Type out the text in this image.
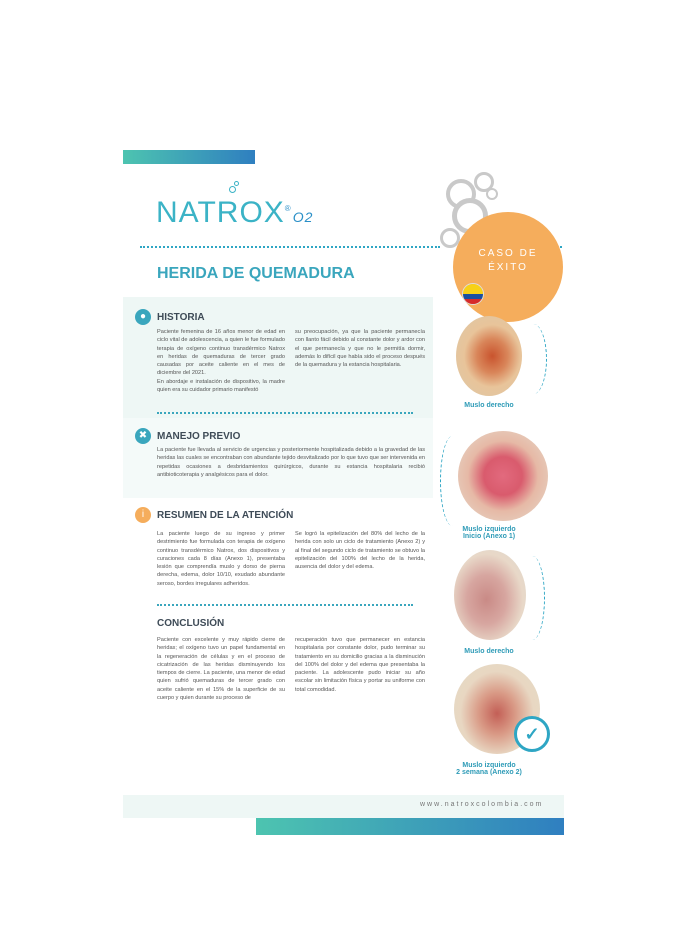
NATROX®O2
CASO DE
ÉXITO
HERIDA DE QUEMADURA
●	HISTORIA
Paciente femenina de 16 años menor de edad en ciclo vital de adolescencia, a quien le fue formulado terapia de oxígeno continuo transdérmico Natrox en heridas de quemaduras de tercer grado causadas por aceite caliente en el mes de diciembre del 2021.
En abordaje e instalación de dispositivo, la madre quien era su cuidador primario manifestó
su preocupación, ya que la paciente permanecía con llanto fácil debido al constante dolor y ardor con el que permanecía y que no le permitía dormir, además lo difícil que había sido el proceso después de la quemadura y la estancia hospitalaria.
✖ MANEJO PREVIO
La paciente fue llevada al servicio de urgencias y posteriormente hospitalizada debido a la gravedad de las heridas las cuales se encontraban con abundante tejido desvitalizado por lo que tuvo que ser intervenida en repetidas ocasiones a desbridamientos quirúrgicos, durante su estancia hospitalaria recibió antibioticoterapia y analgésicos para el dolor.
i	RESUMEN DE LA ATENCIÓN
La paciente luego de su ingreso y primer destrimiento fue formulada con terapia de oxígeno continuo transdérmico Natrox, dos dispositivos y curaciones cada 8 días (Anexo 1), presentaba lesión que comprendía muslo y dorso de pierna derecha, edema, dolor 10/10, exudado abundante seroso, bordes irregulares adheridos.
Se logró la epitelización del 80% del lecho de la herida con solo un ciclo de tratamiento (Anexo 2) y al final del segundo ciclo de tratamiento se obtuvo la epitelización del 100% del lecho de la herida, ausencia del dolor y del edema.
CONCLUSIÓN
Paciente con excelente y muy rápido cierre de heridas; el oxígeno tuvo un papel fundamental en la regeneración de células y en el proceso de cicatrización de las heridas disminuyendo los tiempos de cierre. La paciente, una menor de edad quien sufrió quemaduras de tercer grado con aceite caliente en el 15% de la superficie de su cuerpo y quien durante su proceso de
recuperación tuvo que permanecer en estancia hospitalaria por constante dolor, pudo terminar su tratamiento en su domicilio gracias a la disminución del 100% del dolor y del edema que presentaba la paciente. La adolescente pudo iniciar su año escolar sin limitación física y portar su uniforme con total comodidad.
Muslo derecho
Muslo izquierdo
Inicio (Anexo 1)
Muslo derecho
✓
Muslo izquierdo
2 semana (Anexo 2)
www.natroxcolombia.com
